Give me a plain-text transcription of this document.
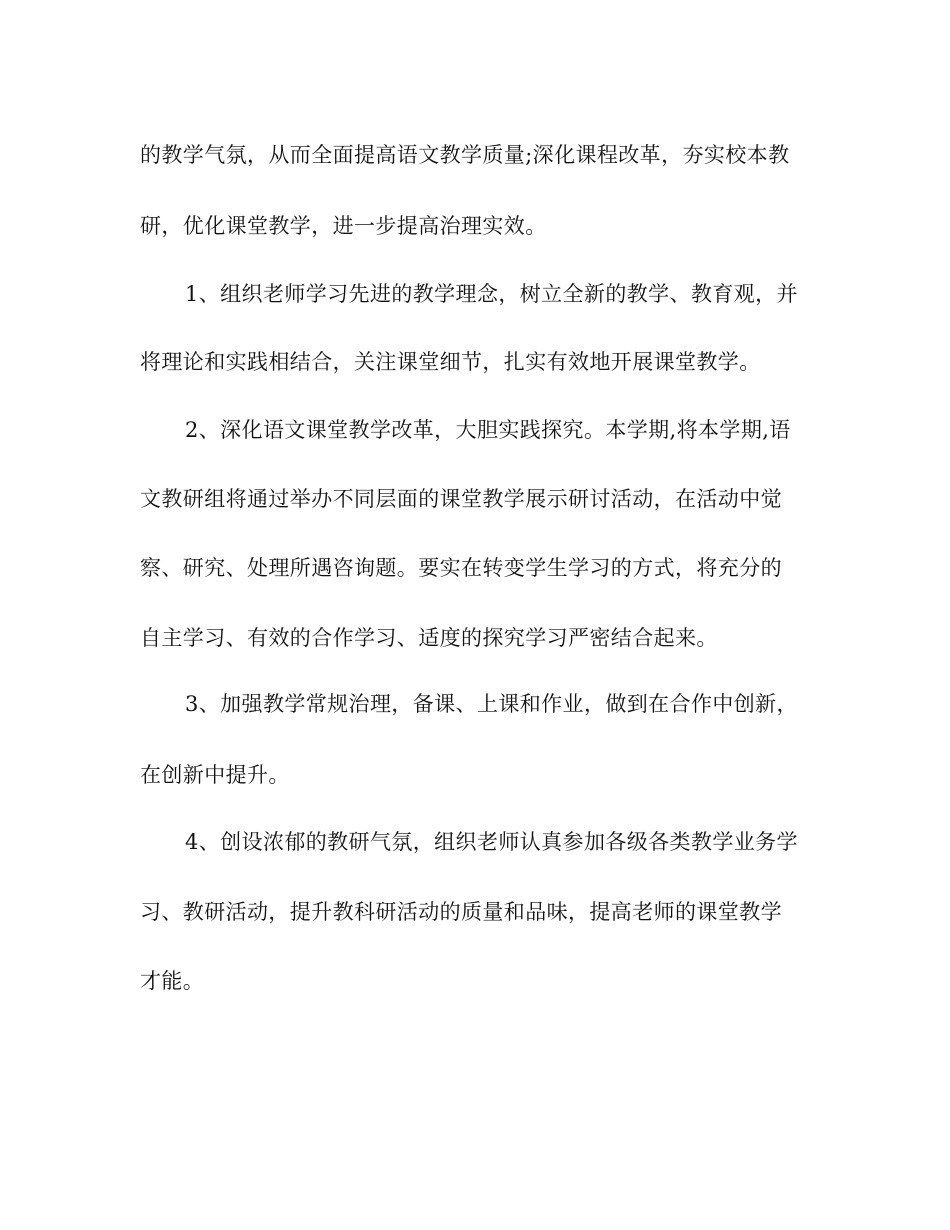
的教学气氛，从而全面提高语文教学质量;深化课程改革，夯实校本教

研，优化课堂教学，进一步提高治理实效。

1、组织老师学习先进的教学理念，树立全新的教学、教育观，并

将理论和实践相结合，关注课堂细节，扎实有效地开展课堂教学。

2、深化语文课堂教学改革，大胆实践探究。本学期,将本学期,语

文教研组将通过举办不同层面的课堂教学展示研讨活动，在活动中觉

察、研究、处理所遇咨询题。要实在转变学生学习的方式，将充分的

自主学习、有效的合作学习、适度的探究学习严密结合起来。

3、加强教学常规治理，备课、上课和作业，做到在合作中创新，

在创新中提升。

4、创设浓郁的教研气氛，组织老师认真参加各级各类教学业务学

习、教研活动，提升教科研活动的质量和品味，提高老师的课堂教学

才能。
